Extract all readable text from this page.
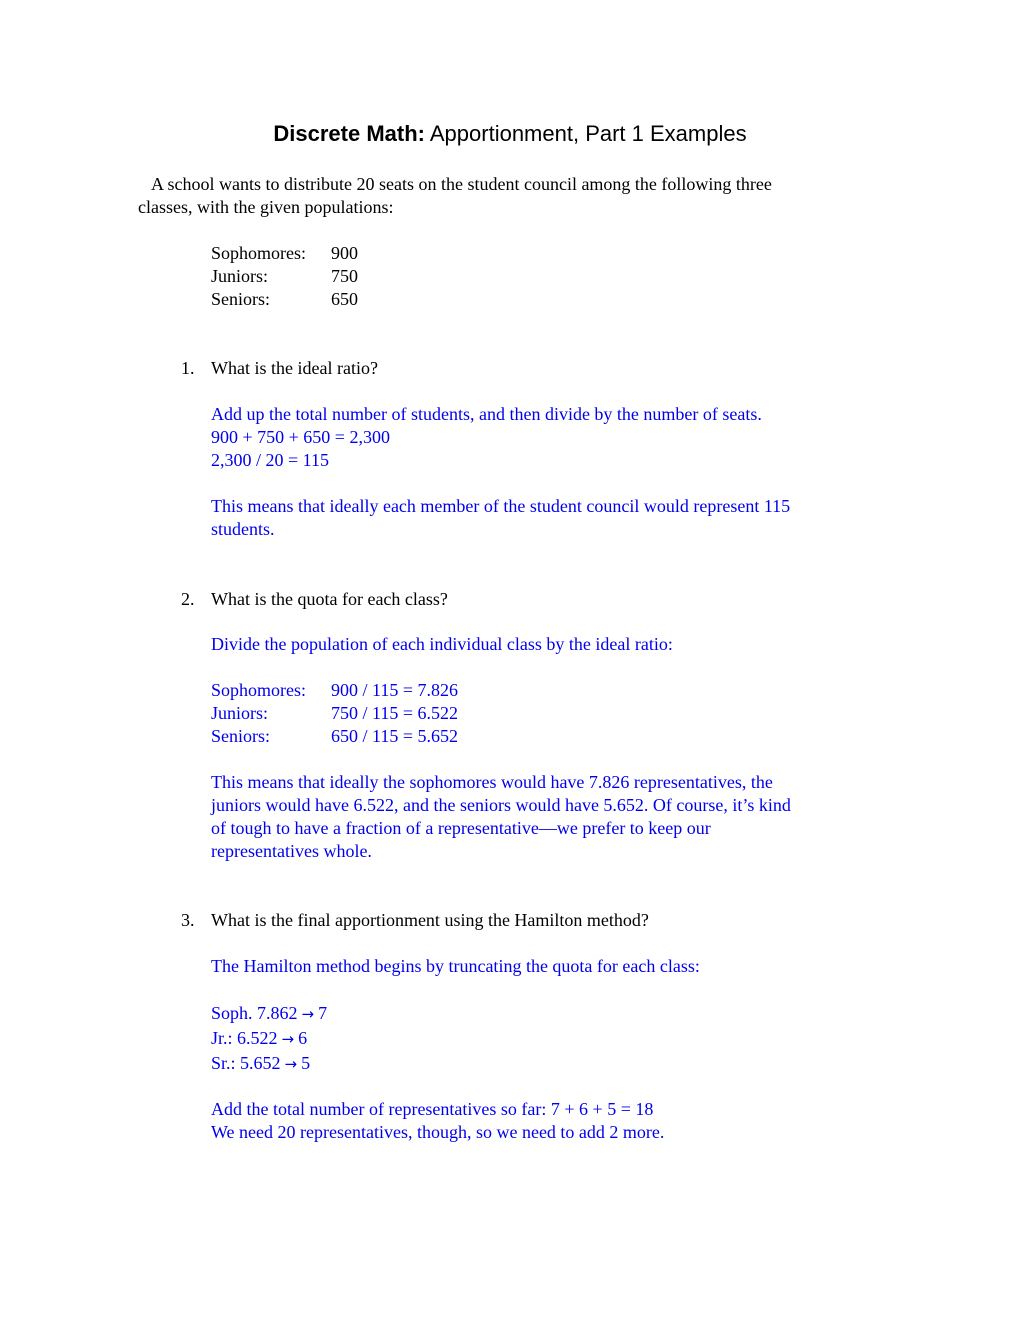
Discrete Math: Apportionment, Part 1 Examples
A school wants to distribute 20 seats on the student council among the following three
classes, with the given populations:
Sophomores:	900
Juniors:	750
Seniors:	650
1. What is the ideal ratio?
Add up the total number of students, and then divide by the number of seats.
900 + 750 + 650 = 2,300
2,300 / 20 = 115
This means that ideally each member of the student council would represent 115
students.
2. What is the quota for each class?
Divide the population of each individual class by the ideal ratio:
Sophomores:	900 / 115 = 7.826
Juniors:	750 / 115 = 6.522
Seniors:	650 / 115 = 5.652
This means that ideally the sophomores would have 7.826 representatives, the
juniors would have 6.522, and the seniors would have 5.652. Of course, it’s kind
of tough to have a fraction of a representative—we prefer to keep our
representatives whole.
3. What is the final apportionment using the Hamilton method?
The Hamilton method begins by truncating the quota for each class:
Soph. 7.862 → 7
Jr.: 6.522 → 6
Sr.: 5.652 → 5
Add the total number of representatives so far: 7 + 6 + 5 = 18
We need 20 representatives, though, so we need to add 2 more.
